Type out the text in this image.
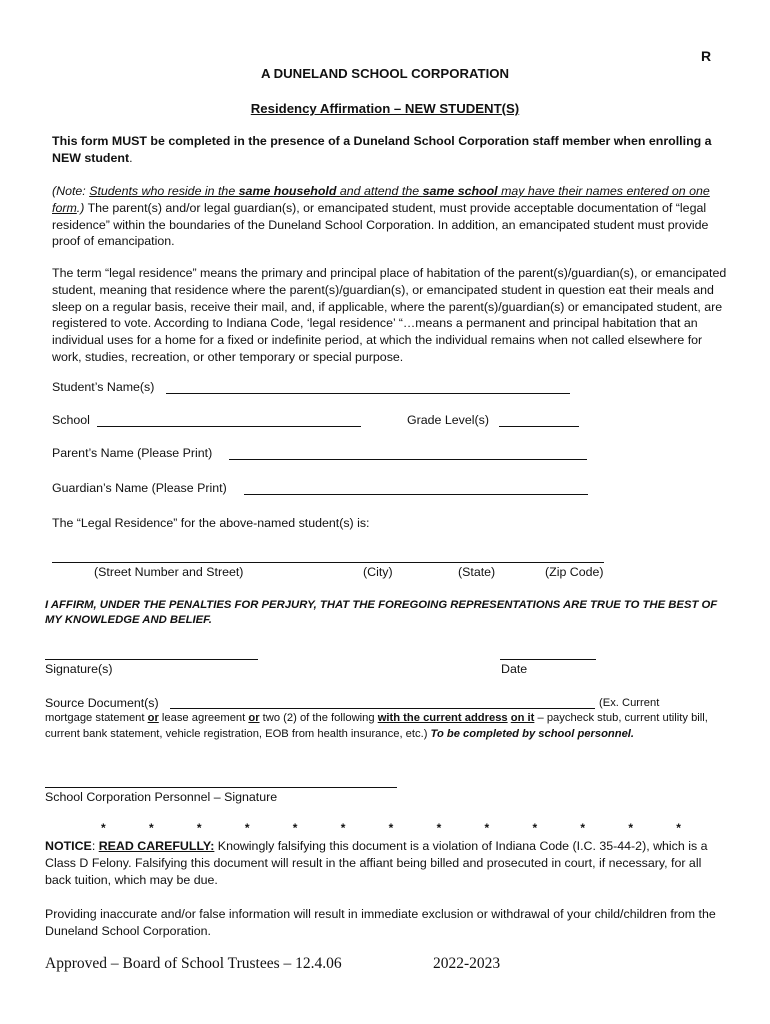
R
A DUNELAND SCHOOL CORPORATION
Residency Affirmation – NEW STUDENT(S)
This form MUST be completed in the presence of a Duneland School Corporation staff member when enrolling a NEW student.
(Note: Students who reside in the same household and attend the same school may have their names entered on one form.) The parent(s) and/or legal guardian(s), or emancipated student, must provide acceptable documentation of “legal residence” within the boundaries of the Duneland School Corporation. In addition, an emancipated student must provide proof of emancipation.
The term “legal residence” means the primary and principal place of habitation of the parent(s)/guardian(s), or emancipated student, meaning that residence where the parent(s)/guardian(s), or emancipated student in question eat their meals and sleep on a regular basis, receive their mail, and, if applicable, where the parent(s)/guardian(s) or emancipated student, are registered to vote. According to Indiana Code, ‘legal residence’ “…means a permanent and principal habitation that an individual uses for a home for a fixed or indefinite period, at which the individual remains when not called elsewhere for work, studies, recreation, or other temporary or special purpose.
Student’s Name(s)
School	Grade Level(s)
Parent’s Name (Please Print)
Guardian’s Name (Please Print)
The “Legal Residence” for the above-named student(s) is:
(Street Number and Street)	(City)	(State)	(Zip Code)
I AFFIRM, UNDER THE PENALTIES FOR PERJURY, THAT THE FOREGOING REPRESENTATIONS ARE TRUE TO THE BEST OF MY KNOWLEDGE AND BELIEF.
Signature(s)	Date
Source Document(s)	(Ex. Current
mortgage statement or lease agreement or two (2) of the following with the current address on it – paycheck stub, current utility bill, current bank statement, vehicle registration, EOB from health insurance, etc.) To be completed by school personnel.
School Corporation Personnel – Signature
*	*	*	*	*	*	*	*	*	*	*	*	*
NOTICE: READ CAREFULLY: Knowingly falsifying this document is a violation of Indiana Code (I.C. 35-44-2), which is a Class D Felony. Falsifying this document will result in the affiant being billed and prosecuted in court, if necessary, for all back tuition, which may be due.
Providing inaccurate and/or false information will result in immediate exclusion or withdrawal of your child/children from the Duneland School Corporation.
Approved – Board of School Trustees – 12.4.06	2022-2023
